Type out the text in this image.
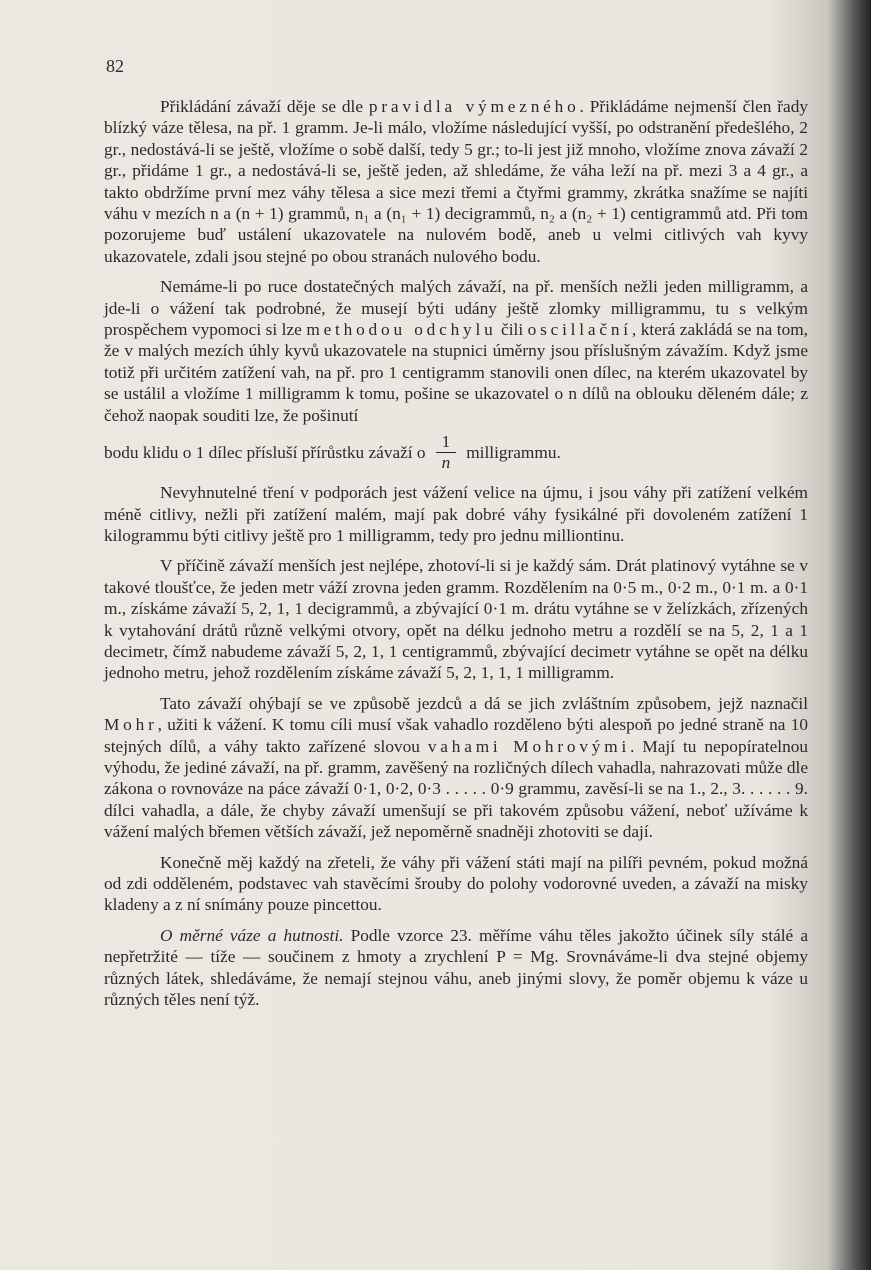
82

Přikládání závaží děje se dle pravidla výmezného. Přikládáme nejmenší člen řady blízký váze tělesa, na př. 1 gramm. Je-li málo, vložíme následující vyšší, po odstranění předešlého, 2 gr., nedostává-li se ještě, vložíme o sobě další, tedy 5 gr.; to-li jest již mnoho, vložíme znova závaží 2 gr., přidáme 1 gr., a nedostává-li se, ještě jeden, až shledáme, že váha leží na př. mezi 3 a 4 gr., a takto obdržíme první mez váhy tělesa a sice mezi třemi a čtyřmi grammy, zkrátka snažíme se najíti váhu v mezích n a (n + 1) grammů, n₁ a (n₁ + 1) decigrammů, n₂ a (n₂ + 1) centigrammů atd. Při tom pozorujeme buď ustálení ukazovatele na nulovém bodě, aneb u velmi citlivých vah kyvy ukazovatele, zdali jsou stejné po obou stranách nulového bodu.

Nemáme-li po ruce dostatečných malých závaží, na př. menších nežli jeden milligramm, a jde-li o vážení tak podrobné, že musejí býti udány ještě zlomky milligrammu, tu s velkým prospěchem vypomoci si lze methodou odchylu čili oscillační, která zakládá se na tom, že v malých mezích úhly kyvů ukazovatele na stupnici úměrny jsou příslušným závažím. Když jsme totiž při určitém zatížení vah, na př. pro 1 centigramm stanovili onen dílec, na kterém ukazovatel by se ustálil a vložíme 1 milligramm k tomu, pošine se ukazovatel o n dílů na oblouku děleném dále; z čehož naopak souditi lze, že pošinutí

bodu klidu o 1 dílec přísluší přírůstku závaží o $\frac{1}{n}$ milligrammu.

Nevyhnutelné tření v podporách jest vážení velice na újmu, i jsou váhy při zatížení velkém méně citlivy, nežli při zatížení malém, mají pak dobré váhy fysikálné při dovoleném zatížení 1 kilogrammu býti citlivy ještě pro 1 milligramm, tedy pro jednu milliontinu.

V příčině závaží menších jest nejlépe, zhotoví-li si je každý sám. Drát platinový vytáhne se v takové tloušťce, že jeden metr váží zrovna jeden gramm. Rozdělením na 0·5 m., 0·2 m., 0·1 m. a 0·1 m., získáme závaží 5, 2, 1, 1 decigrammů, a zbývající 0·1 m. drátu vytáhne se v želízkách, zřízených k vytahování drátů různě velkými otvory, opět na délku jednoho metru a rozdělí se na 5, 2, 1 a 1 decimetr, čímž nabudeme závaží 5, 2, 1, 1 centigrammů, zbývající decimetr vytáhne se opět na délku jednoho metru, jehož rozdělením získáme závaží 5, 2, 1, 1, 1 milligramm.

Tato závaží ohýbají se ve způsobě jezdců a dá se jich zvláštním způsobem, jejž naznačil Mohr, užiti k vážení. K tomu cíli musí však vahadlo rozděleno býti alespoň po jedné straně na 10 stejných dílů, a váhy takto zařízené slovou vahami Mohrovými. Mají tu nepopíratelnou výhodu, že jediné závaží, na př. gramm, zavěšený na rozličných dílech vahadla, nahrazovati může dle zákona o rovnováze na páce závaží 0·1, 0·2, 0·3 . . . . . 0·9 grammu, zavěsí-li se na 1., 2., 3. . . . . . 9. dílci vahadla, a dále, že chyby závaží umenšují se při takovém způsobu vážení, neboť užíváme k vážení malých břemen větších závaží, jež nepoměrně snadněji zhotoviti se dají.

Konečně měj každý na zřeteli, že váhy při vážení státi mají na pilíři pevném, pokud možná od zdi odděleném, podstavec vah stavěcími šrouby do polohy vodorovné uveden, a závaží na misky kladeny a z ní snímány pouze pincettou.

O měrné váze a hutnosti. Podle vzorce 23. měříme váhu těles jakožto účinek síly stálé a nepřetržité — tíže — součinem z hmoty a zrychlení P = Mg. Srovnáváme-li dva stejné objemy různých látek, shledáváme, že nemají stejnou váhu, aneb jinými slovy, že poměr objemu k váze u různých těles není týž.
